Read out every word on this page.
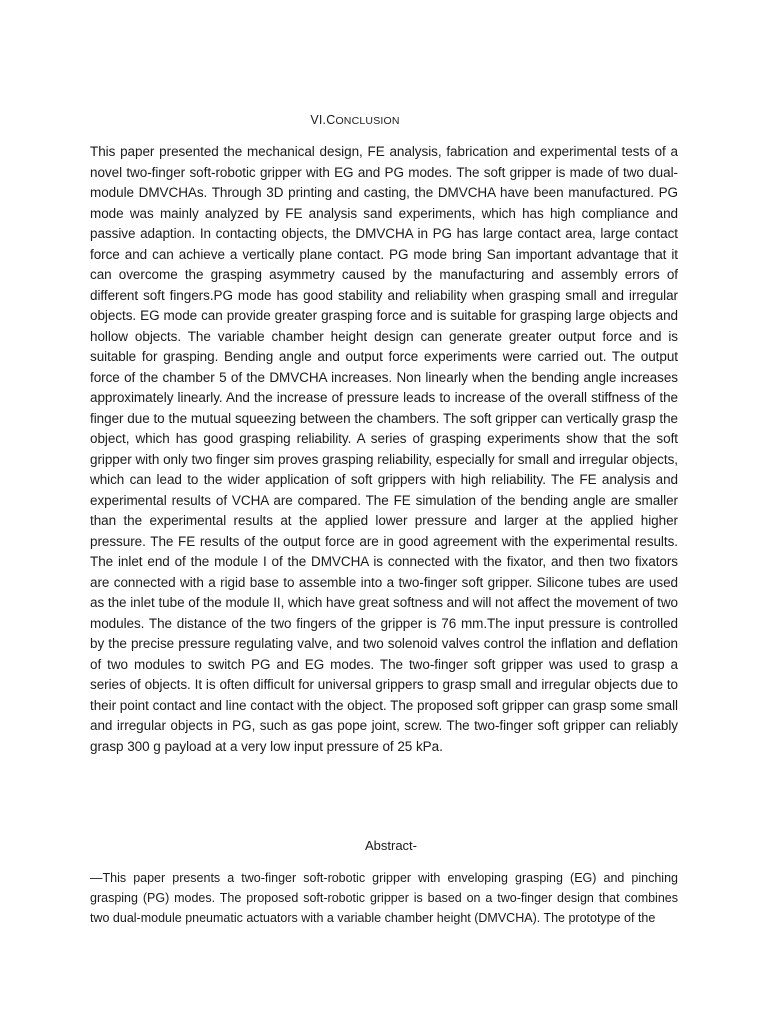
VI.CONCLUSION

This paper presented the mechanical design, FE analysis, fabrication and experimental tests of a novel two-finger soft-robotic gripper with EG and PG modes. The soft gripper is made of two dual-module DMVCHAs. Through 3D printing and casting, the DMVCHA have been manufactured. PG mode was mainly analyzed by FE analysis sand experiments, which has high compliance and passive adaption. In contacting objects, the DMVCHA in PG has large contact area, large contact force and can achieve a vertically plane contact. PG mode bring San important advantage that it can overcome the grasping asymmetry caused by the manufacturing and assembly errors of different soft fingers.PG mode has good stability and reliability when grasping small and irregular objects. EG mode can provide greater grasping force and is suitable for grasping large objects and hollow objects. The variable chamber height design can generate greater output force and is suitable for grasping. Bending angle and output force experiments were carried out. The output force of the chamber 5 of the DMVCHA increases. Non linearly when the bending angle increases approximately linearly. And the increase of pressure leads to increase of the overall stiffness of the finger due to the mutual squeezing between the chambers. The soft gripper can vertically grasp the object, which has good grasping reliability. A series of grasping experiments show that the soft gripper with only two finger sim proves grasping reliability, especially for small and irregular objects, which can lead to the wider application of soft grippers with high reliability. The FE analysis and experimental results of VCHA are compared. The FE simulation of the bending angle are smaller than the experimental results at the applied lower pressure and larger at the applied higher pressure. The FE results of the output force are in good agreement with the experimental results. The inlet end of the module I of the DMVCHA is connected with the fixator, and then two fixators are connected with a rigid base to assemble into a two-finger soft gripper. Silicone tubes are used as the inlet tube of the module II, which have great softness and will not affect the movement of two modules. The distance of the two fingers of the gripper is 76 mm.The input pressure is controlled by the precise pressure regulating valve, and two solenoid valves control the inflation and deflation of two modules to switch PG and EG modes. The two-finger soft gripper was used to grasp a series of objects. It is often difficult for universal grippers to grasp small and irregular objects due to their point contact and line contact with the object. The proposed soft gripper can grasp some small and irregular objects in PG, such as gas pope joint, screw. The two-finger soft gripper can reliably grasp 300 g payload at a very low input pressure of 25 kPa.

Abstract-

—This paper presents a two-finger soft-robotic gripper with enveloping grasping (EG) and pinching grasping (PG) modes. The proposed soft-robotic gripper is based on a two-finger design that combines two dual-module pneumatic actuators with a variable chamber height (DMVCHA). The prototype of the
